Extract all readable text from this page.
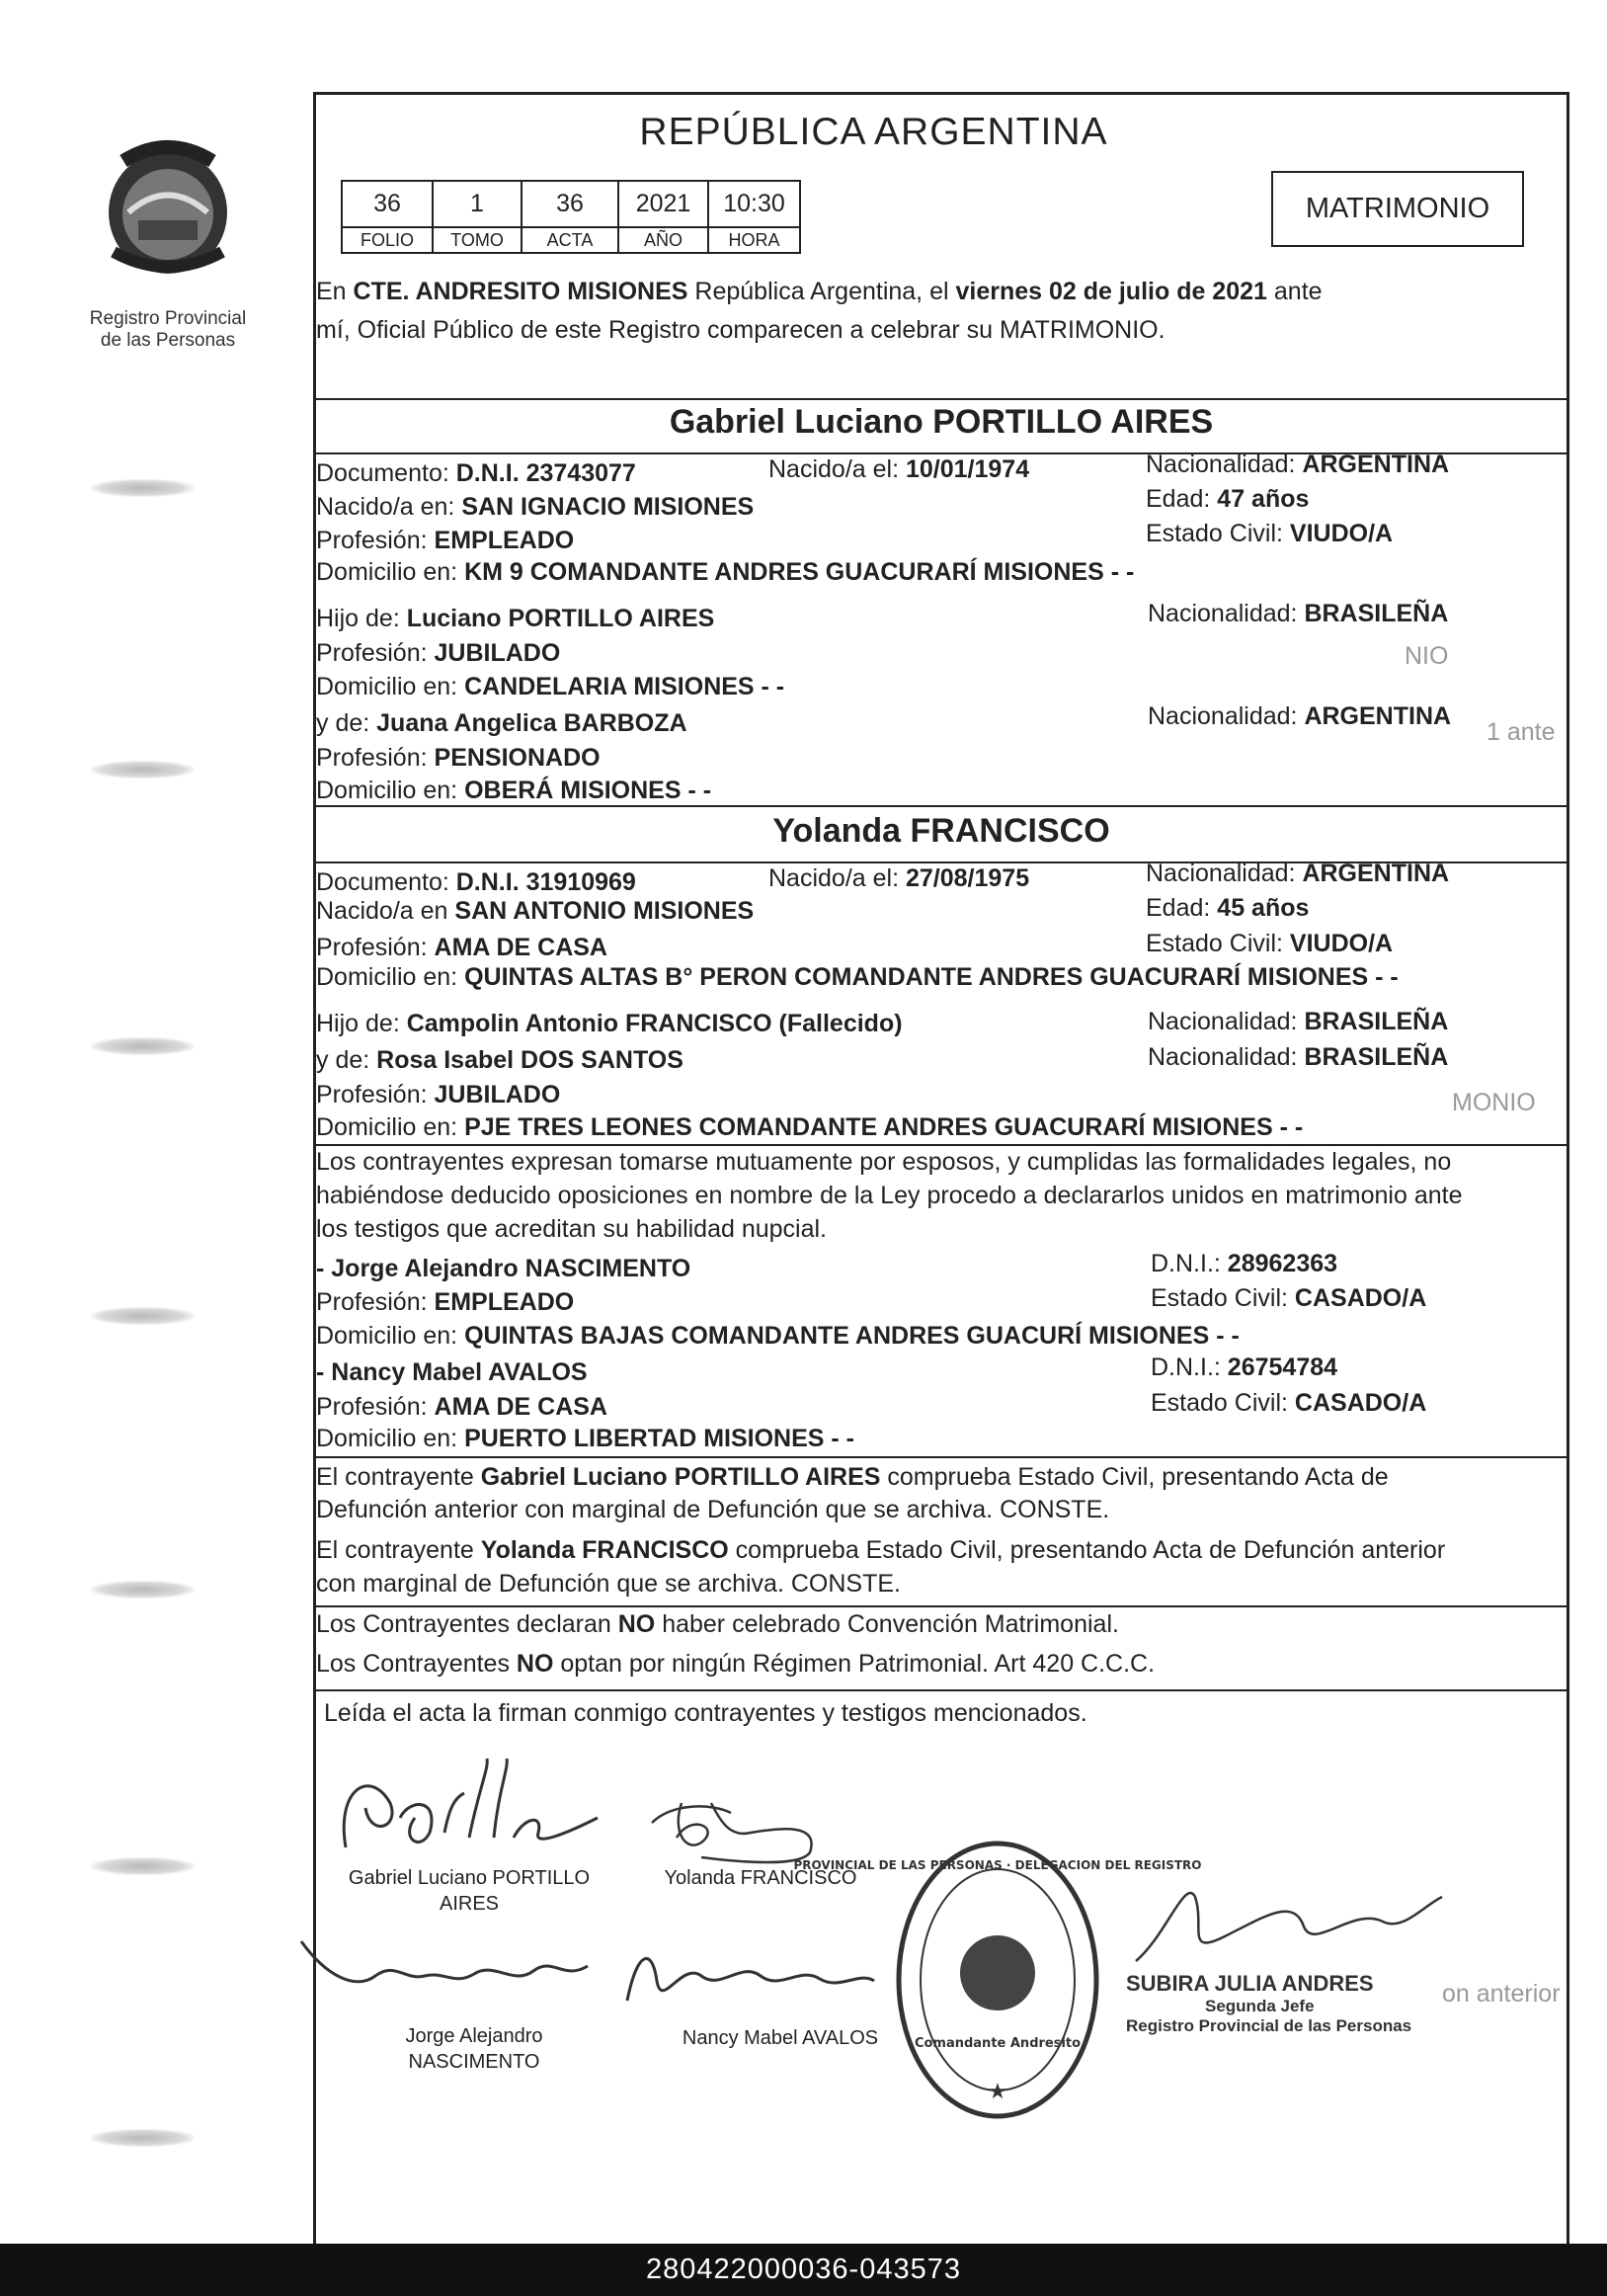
Registro Provincial
de las Personas
REPÚBLICA ARGENTINA
36	1	36	2021	10:30
FOLIO	TOMO	ACTA	AÑO	HORA
MATRIMONIO
En CTE. ANDRESITO MISIONES República Argentina, el viernes 02 de julio de 2021 ante
mí, Oficial Público de este Registro comparecen a celebrar su MATRIMONIO.
Gabriel Luciano PORTILLO AIRES
Documento: D.N.I. 23743077	Nacido/a el: 10/01/1974	Nacionalidad: ARGENTINA
Nacido/a en: SAN IGNACIO MISIONES	Edad: 47 años
Profesión: EMPLEADO	Estado Civil: VIUDO/A
Domicilio en: KM 9 COMANDANTE ANDRES GUACURARÍ MISIONES - -
Hijo de: Luciano PORTILLO AIRES	Nacionalidad: BRASILEÑA
Profesión: JUBILADO	NIO
Domicilio en: CANDELARIA MISIONES - -
y de: Juana Angelica BARBOZA	Nacionalidad: ARGENTINA
1 ante
Profesión: PENSIONADO
Domicilio en: OBERÁ MISIONES - -
Yolanda FRANCISCO
Documento: D.N.I. 31910969	Nacido/a el: 27/08/1975	Nacionalidad: ARGENTINA
Nacido/a en SAN ANTONIO MISIONES	Edad: 45 años
Profesión: AMA DE CASA	Estado Civil: VIUDO/A
Domicilio en: QUINTAS ALTAS B° PERON COMANDANTE ANDRES GUACURARÍ MISIONES - -
Hijo de: Campolin Antonio FRANCISCO (Fallecido)	Nacionalidad: BRASILEÑA
y de: Rosa Isabel DOS SANTOS	Nacionalidad: BRASILEÑA
Profesión: JUBILADO	MONIO
Domicilio en: PJE TRES LEONES COMANDANTE ANDRES GUACURARÍ MISIONES - -
Los contrayentes expresan tomarse mutuamente por esposos, y cumplidas las formalidades legales, no
habiéndose deducido oposiciones en nombre de la Ley procedo a declararlos unidos en matrimonio ante
los testigos que acreditan su habilidad nupcial.
- Jorge Alejandro NASCIMENTO	D.N.I.: 28962363
Profesión: EMPLEADO	Estado Civil: CASADO/A
Domicilio en: QUINTAS BAJAS COMANDANTE ANDRES GUACURÍ MISIONES - -
- Nancy Mabel AVALOS	D.N.I.: 26754784
Profesión: AMA DE CASA	Estado Civil: CASADO/A
Domicilio en: PUERTO LIBERTAD MISIONES - -
El contrayente Gabriel Luciano PORTILLO AIRES comprueba Estado Civil, presentando Acta de
Defunción anterior con marginal de Defunción que se archiva. CONSTE.
El contrayente Yolanda FRANCISCO comprueba Estado Civil, presentando Acta de Defunción anterior
con marginal de Defunción que se archiva. CONSTE.
Los Contrayentes declaran NO haber celebrado Convención Matrimonial.
Los Contrayentes NO optan por ningún Régimen Patrimonial. Art 420 C.C.C.
Leída el acta la firman conmigo contrayentes y testigos mencionados.
Gabriel Luciano PORTILLO
AIRES
Yolanda FRANCISCO
Jorge Alejandro
NASCIMENTO
Nancy Mabel AVALOS	Comandante Andresito
PROVINCIAL DE LAS PERSONAS · DELEGACION DEL REGISTRO
★
SUBIRA JULIA ANDRES
Segunda Jefe
Registro Provincial de las Personas
on anterior
280422000036-043573
